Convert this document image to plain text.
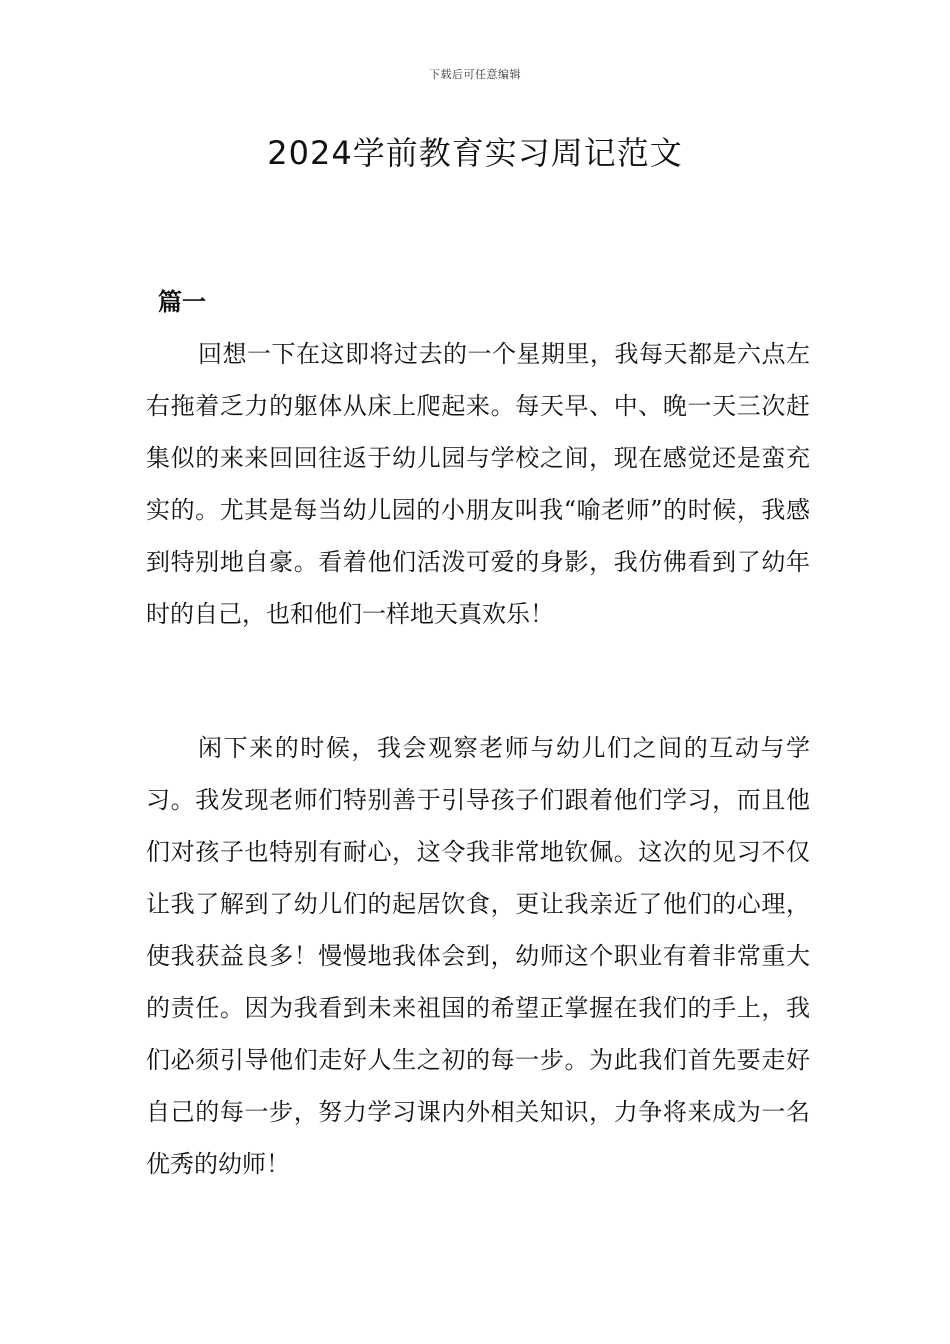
下载后可任意编辑
2024学前教育实习周记范文
篇一

回想一下在这即将过去的一个星期里，我每天都是六点左右拖着乏力的躯体从床上爬起来。每天早、中、晚一天三次赶集似的来来回回往返于幼儿园与学校之间，现在感觉还是蛮充实的。尤其是每当幼儿园的小朋友叫我“喻老师”的时候，我感到特别地自豪。看着他们活泼可爱的身影，我仿佛看到了幼年时的自己，也和他们一样地天真欢乐！

闲下来的时候，我会观察老师与幼儿们之间的互动与学习。我发现老师们特别善于引导孩子们跟着他们学习，而且他们对孩子也特别有耐心，这令我非常地钦佩。这次的见习不仅让我了解到了幼儿们的起居饮食，更让我亲近了他们的心理，使我获益良多！慢慢地我体会到，幼师这个职业有着非常重大的责任。因为我看到未来祖国的希望正掌握在我们的手上，我们必须引导他们走好人生之初的每一步。为此我们首先要走好自己的每一步，努力学习课内外相关知识，力争将来成为一名优秀的幼师！
